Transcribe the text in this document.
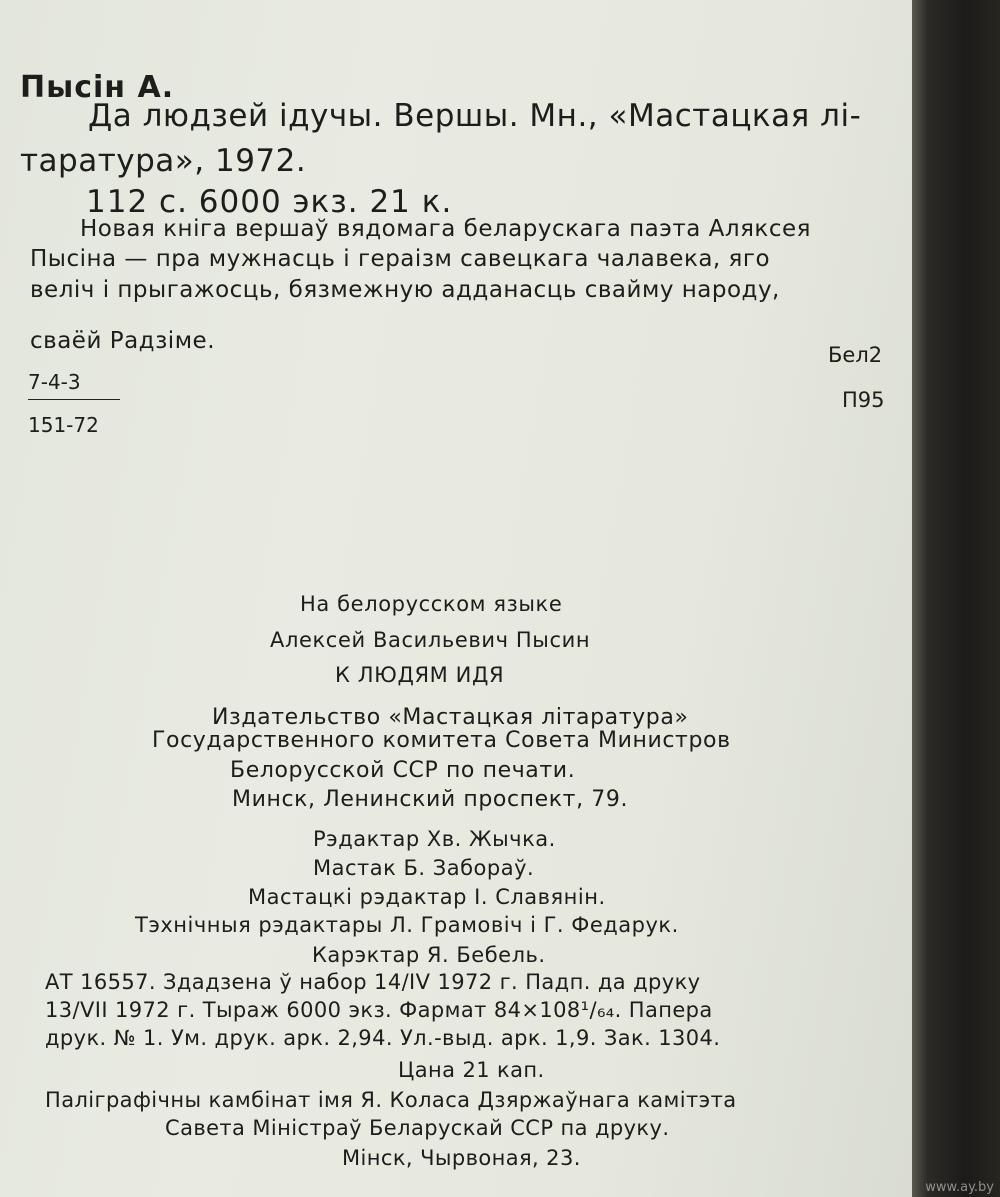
Пысін А.
Да людзей ідучы. Вершы. Мн., «Мастацкая лі-
таратура», 1972.
112 с. 6000 экз. 21 к.
Новая кніга вершаў вядомага беларускага паэта Аляксея
Пысіна — пра мужнасць і гераізм савецкага чалавека, яго
веліч і прыгажосць, бязмежную адданасць свайму народу,
сваёй Радзіме.
7-4-3
151-72
Бел2
П95
На белорусском языке
Алексей Васильевич Пысин
К ЛЮДЯМ ИДЯ
Издательство «Мастацкая літаратура»
Государственного комитета Совета Министров
Белорусской ССР по печати.
Минск, Ленинский проспект, 79.
Рэдактар Хв. Жычка.
Мастак Б. Забораў.
Мастацкі рэдактар І. Славянін.
Тэхнічныя рэдактары Л. Грамовіч і Г. Федарук.
Карэктар Я. Бебель.
АТ 16557. Здадзена ў набор 14/IV 1972 г. Падп. да друку
13/VII 1972 г. Тыраж 6000 экз. Фармат 84×108¹/₆₄. Папера
друк. № 1. Ум. друк. арк. 2,94. Ул.-выд. арк. 1,9. Зак. 1304.
Цана 21 кап.
Паліграфічны камбінат імя Я. Коласа Дзяржаўнага камітэта
Савета Міністраў Беларускай ССР па друку.
Мінск, Чырвоная, 23.
www.ay.by
